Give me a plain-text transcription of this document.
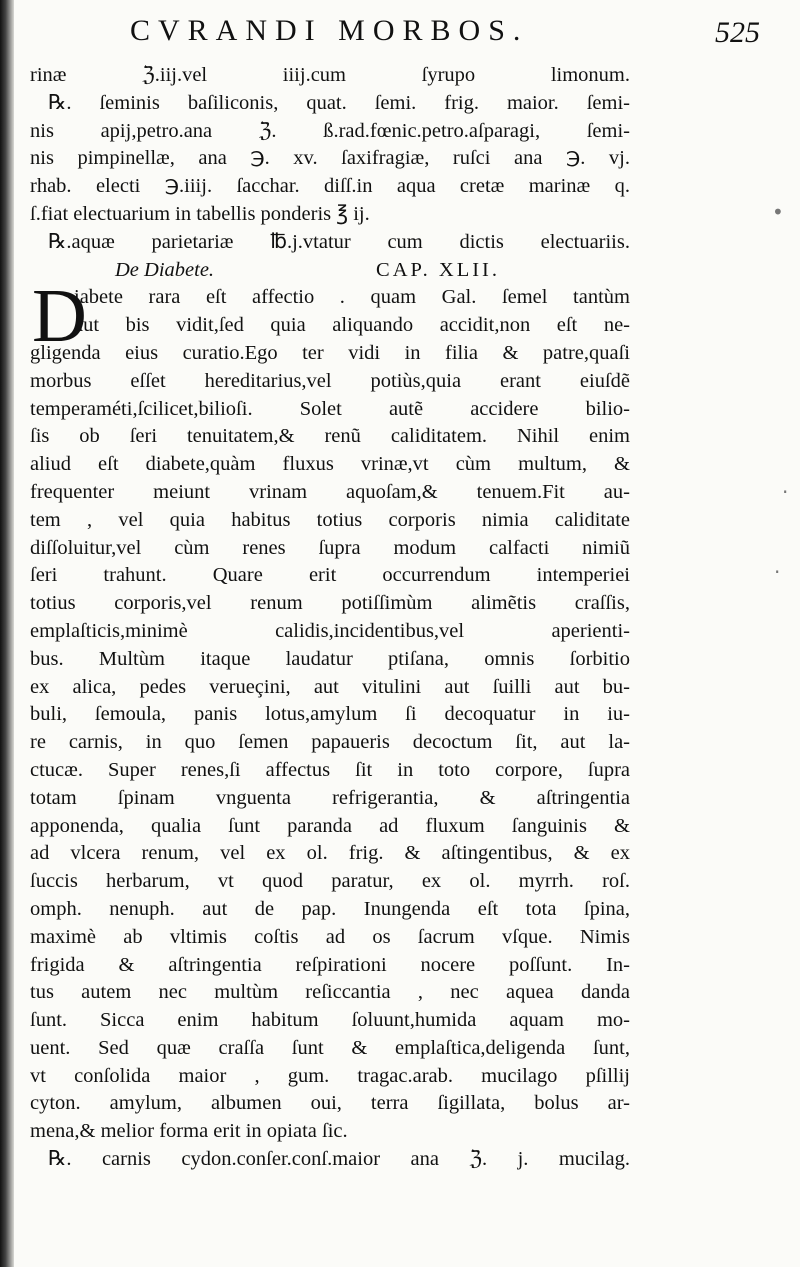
CVRANDI MORBOS.	525
rinæ ℨ.iij.vel iiij.cum ſyrupo limonum.
℞. ſeminis baſiliconis, quat. ſemi. frig. maior. ſemi-
nis apij,petro.ana ℨ. ß.rad.fœnic.petro.aſparagi, ſemi-
nis pimpinellæ, ana ℈. xv. ſaxifragiæ, ruſci ana ℈. vj.
rhab. electi ℈.iiij. ſacchar. diſſ.in aqua cretæ marinæ q.
ſ.fiat electuarium in tabellis ponderis ℥ ij.
℞.aquæ parietariæ ℔.j.vtatur cum dictis electuariis.
De Diabete.	CAP. XLII.
D
iabete rara eſt affectio . quam Gal. ſemel tantùm
aut bis vidit,ſed quia aliquando accidit,non eſt ne-
gligenda eius curatio.Ego ter vidi in filia & patre,quaſi
morbus eſſet hereditarius,vel potiùs,quia erant eiuſdẽ
temperaméti,ſcilicet,bilioſi. Solet autẽ accidere bilio-
ſis ob ſeri tenuitatem,& renũ caliditatem. Nihil enim
aliud eſt diabete,quàm fluxus vrinæ,vt cùm multum, &
frequenter meiunt vrinam aquoſam,& tenuem.Fit au-
tem , vel quia habitus totius corporis nimia caliditate
diſſoluitur,vel cùm renes ſupra modum calfacti nimiũ
ſeri trahunt. Quare erit occurrendum intemperiei
totius corporis,vel renum potiſſimùm alimẽtis craſſis,
emplaſticis,minimè calidis,incidentibus,vel aperienti-
bus. Multùm itaque laudatur ptiſana, omnis ſorbitio
ex alica, pedes verueçini, aut vitulini aut ſuilli aut bu-
buli, ſemoula, panis lotus,amylum ſi decoquatur in iu-
re carnis, in quo ſemen papaueris decoctum ſit, aut la-
ctucæ. Super renes,ſi affectus ſit in toto corpore, ſupra
totam ſpinam vnguenta refrigerantia, & aſtringentia
apponenda, qualia ſunt paranda ad fluxum ſanguinis &
ad vlcera renum, vel ex ol. frig. & aſtingentibus, & ex
ſuccis herbarum, vt quod paratur, ex ol. myrrh. roſ.
omph. nenuph. aut de pap. Inungenda eſt tota ſpina,
maximè ab vltimis coſtis ad os ſacrum vſque. Nimis
frigida & aſtringentia reſpirationi nocere poſſunt. In-
tus autem nec multùm reſiccantia , nec aquea danda
ſunt. Sicca enim habitum ſoluunt,humida aquam mo-
uent. Sed quæ craſſa ſunt & emplaſtica,deligenda ſunt,
vt conſolida maior , gum. tragac.arab. mucilago pſillij
cyton. amylum, albumen oui, terra ſigillata, bolus ar-
mena,& melior forma erit in opiata ſic.
℞. carnis cydon.conſer.conſ.maior ana ℨ. j. mucilag.
•
·
·
